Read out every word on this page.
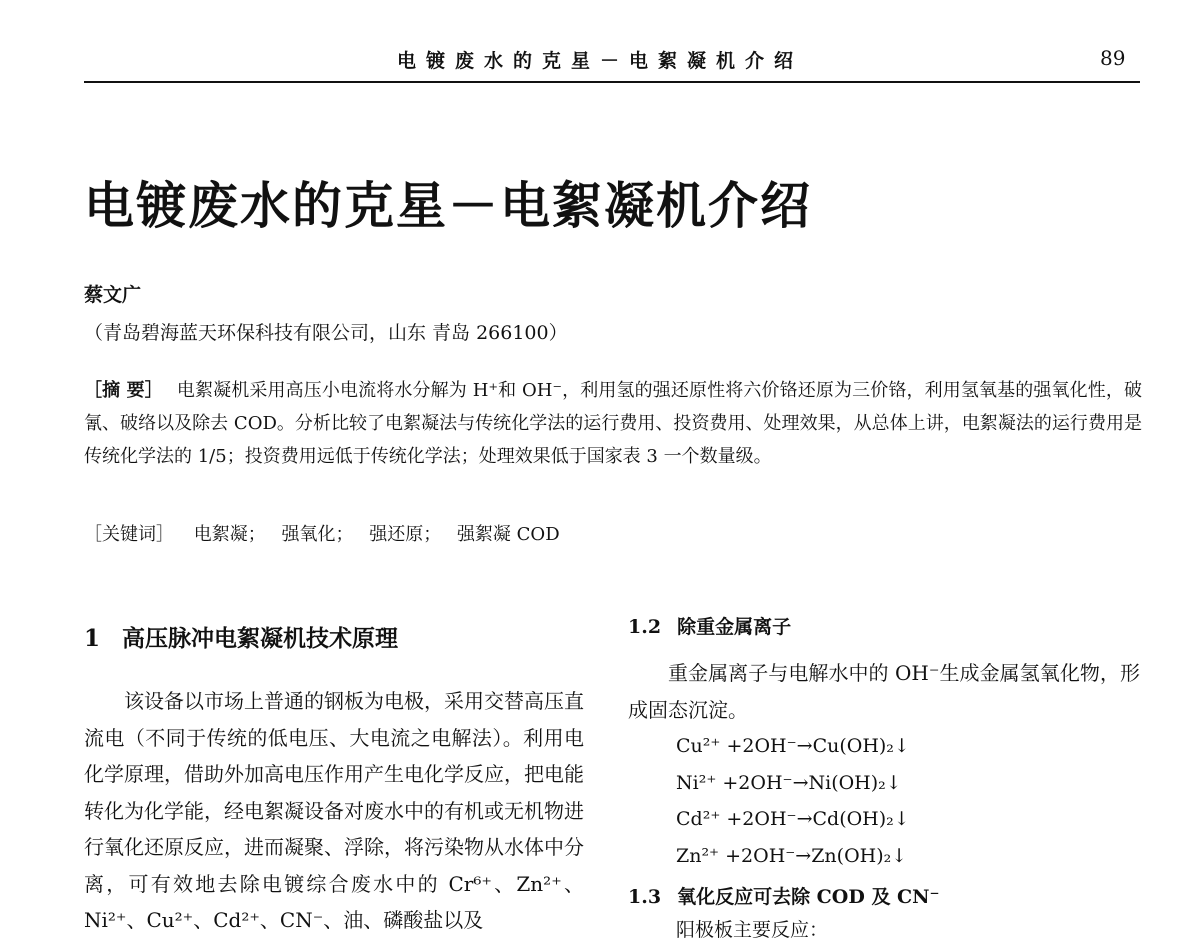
电镀废水的克星－电絮凝机介绍	89
电镀废水的克星－电絮凝机介绍
蔡文广
（青岛碧海蓝天环保科技有限公司，山东 青岛 266100）
［摘 要］ 电絮凝机采用高压小电流将水分解为 H⁺和 OH⁻，利用氢的强还原性将六价铬还原为三价铬，利用氢氧基的强氧化性，破氰、破络以及除去 COD。分析比较了电絮凝法与传统化学法的运行费用、投资费用、处理效果，从总体上讲，电絮凝法的运行费用是传统化学法的 1/5；投资费用远低于传统化学法；处理效果低于国家表 3 一个数量级。
［关键词］ 电絮凝； 强氧化； 强还原； 强絮凝 COD
1 高压脉冲电絮凝机技术原理

该设备以市场上普通的钢板为电极，采用交替高压直流电（不同于传统的低电压、大电流之电解法）。利用电化学原理，借助外加高电压作用产生电化学反应，把电能转化为化学能，经电絮凝设备对废水中的有机或无机物进行氧化还原反应，进而凝聚、浮除，将污染物从水体中分离，可有效地去除电镀综合废水中的 Cr⁶⁺、Zn²⁺、Ni²⁺、Cu²⁺、Cd²⁺、CN⁻、油、磷酸盐以及

1.2 除重金属离子

重金属离子与电解水中的 OH⁻生成金属氢氧化物，形成固态沉淀。

Cu²⁺ +2OH⁻→Cu(OH)₂↓
Ni²⁺ +2OH⁻→Ni(OH)₂↓
Cd²⁺ +2OH⁻→Cd(OH)₂↓
Zn²⁺ +2OH⁻→Zn(OH)₂↓
1.3 氧化反应可去除 COD 及 CN⁻
阳极板主要反应：
